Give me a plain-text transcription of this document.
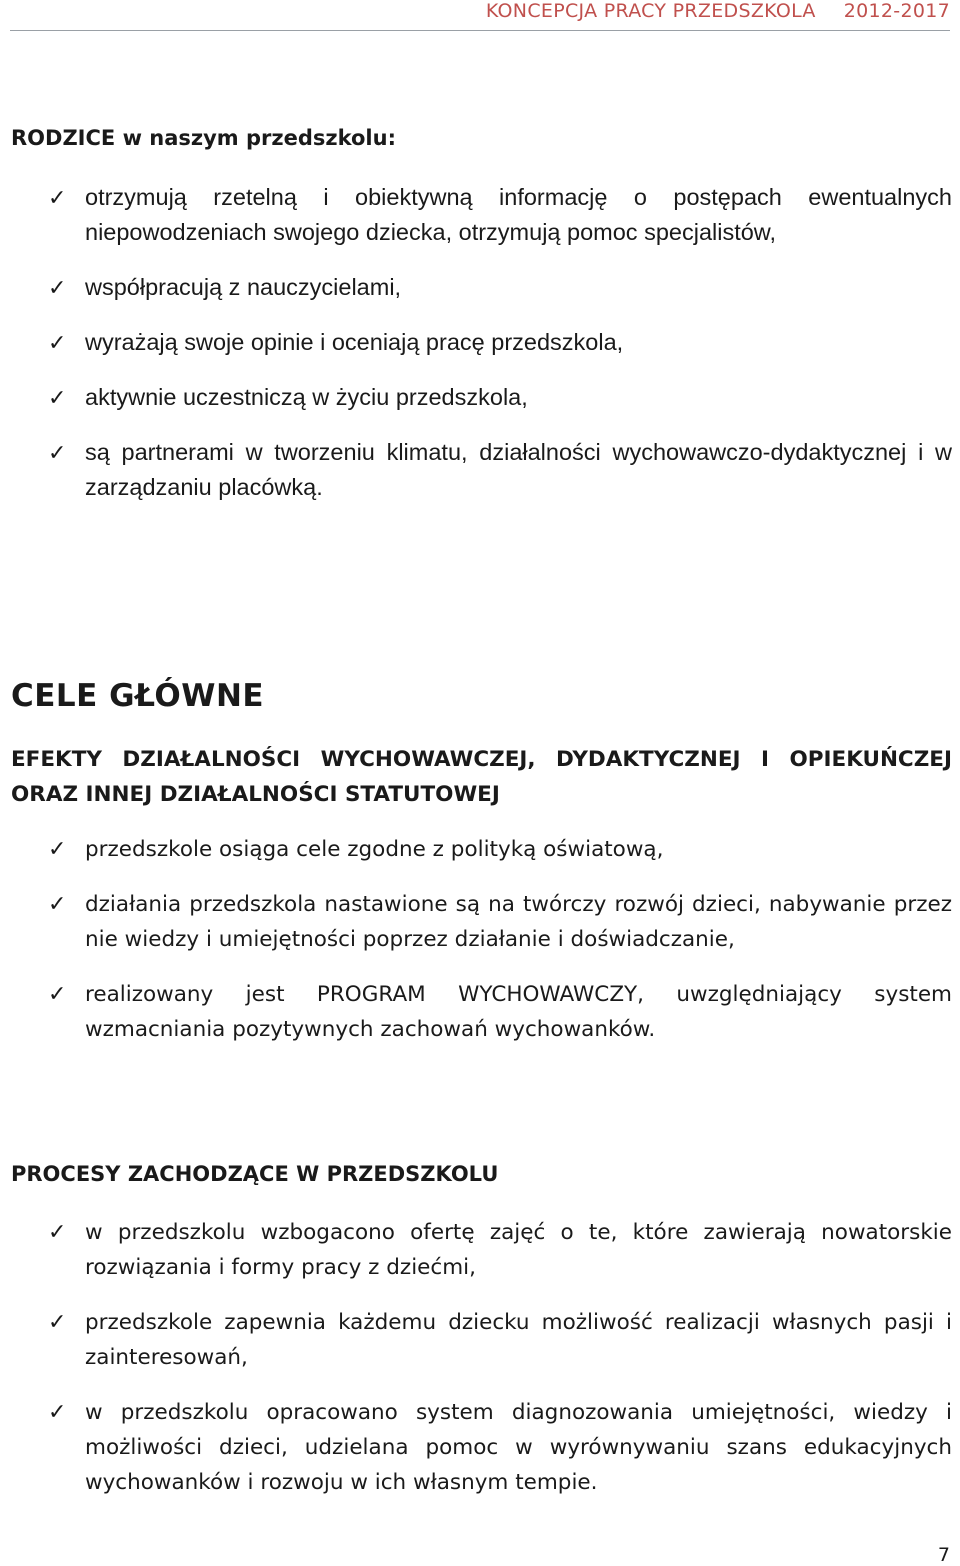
KONCEPCJA PRACY PRZEDSZKOLA 2012-2017
RODZICE w naszym przedszkolu:
✓ otrzymują rzetelną i obiektywną informację o postępach ewentualnych niepowodzeniach swojego dziecka, otrzymują pomoc specjalistów,
✓ współpracują z nauczycielami,
✓ wyrażają swoje opinie i oceniają pracę przedszkola,
✓ aktywnie uczestniczą w życiu przedszkola,
✓ są partnerami w tworzeniu klimatu, działalności wychowawczo-dydaktycznej i w zarządzaniu placówką.
CELE GŁÓWNE
EFEKTY DZIAŁALNOŚCI WYCHOWAWCZEJ, DYDAKTYCZNEJ I OPIEKUŃCZEJ ORAZ INNEJ DZIAŁALNOŚCI STATUTOWEJ
✓ przedszkole osiąga cele zgodne z polityką oświatową,
✓ działania przedszkola nastawione są na twórczy rozwój dzieci, nabywanie przez nie wiedzy i umiejętności poprzez działanie i doświadczanie,
✓ realizowany jest PROGRAM WYCHOWAWCZY, uwzględniający system wzmacniania pozytywnych zachowań wychowanków.
PROCESY ZACHODZĄCE W PRZEDSZKOLU
✓ w przedszkolu wzbogacono ofertę zajęć o te, które zawierają nowatorskie rozwiązania i formy pracy z dziećmi,
✓ przedszkole zapewnia każdemu dziecku możliwość realizacji własnych pasji i zainteresowań,
✓ w przedszkolu opracowano system diagnozowania umiejętności, wiedzy i możliwości dzieci, udzielana pomoc w wyrównywaniu szans edukacyjnych wychowanków i rozwoju w ich własnym tempie.
7
